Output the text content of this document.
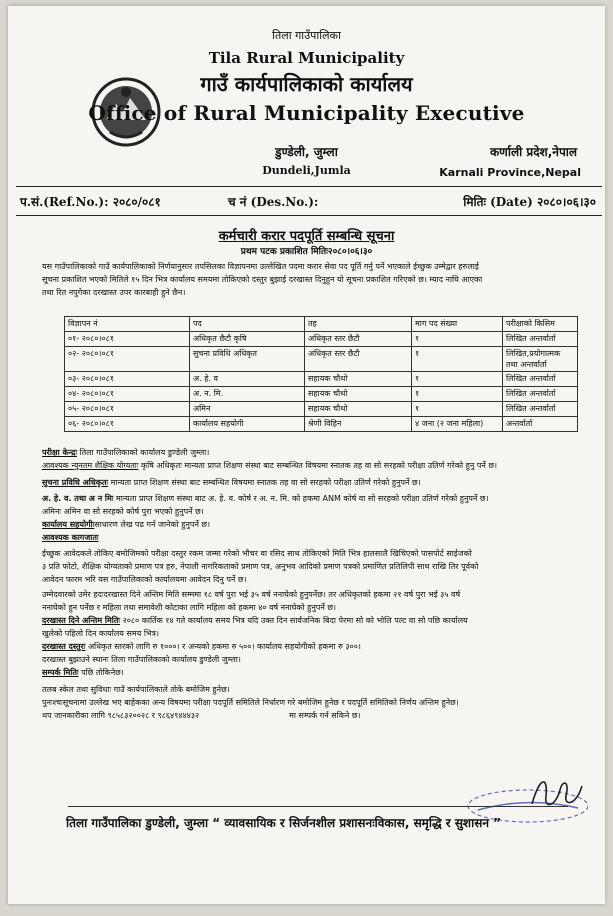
तिला गाउँपालिका
Tila Rural Municipality
गाउँ कार्यपालिकाको कार्यालय
Office of Rural Municipality Executive
डुण्डेली, जुम्ला
Dundeli,Jumla
कर्णाली प्रदेश,नेपाल
Karnali Province,Nepal
प.सं.(Ref.No.): २०८०/०८१	च नं (Des.No.):	मितिः (Date) २०८०।०६।३०
कर्मचारी करार पदपूर्ति सम्बन्धि सूचना
प्रथम पटक प्रकाशित मितिः२०८०।०६।३०
यस गाउँपालिकाको गाउँ कार्यपालिकाको निर्णयानुसार तपसिलका विज्ञापनमा उल्लेखित पदमा करार सेवा पद पूर्ति गर्नु पर्ने भएकाले ईच्छुक उम्मेद्वार हरुलाई
सूचना प्रकाशित भएको मितिले १५ दिन भित्र कार्यालय समयमा तोकिएको दस्तुर बुझाई दरखास्त दिनुहुन यो सूचना प्रकाशित गरिएको छ। म्याद नाघि आएका
तथा रित नपुगेका दरखास्त उपर कारबाही हुने छैन।
विज्ञापन नं	पद	तह	माग पद संख्या	परीक्षाको किसिम
०१- २०८०।०८१	अधिकृत छैटौ कृषि	अधिकृत स्तर छैटौ	१	लिखित अन्तर्वार्ता
०२- २०८०।०८१	सुचना प्रविधि अधिकृत	अधिकृत स्तर छैटौ	१	लिखित,प्रयोगात्मक तथा अन्तर्वार्ता
०३- २०८०।०८१	अ. हे. व	सहायक चौथो	१	लिखित अन्तर्वार्ता
०४- २०८०।०८१	अ. न. मि.	सहायक चौथो	१	लिखित अन्तर्वार्ता
०५- २०८०।०८१	अमिन	सहायक चौथो	१	लिखित अन्तर्वार्ता
०६- २०८०।०८१	कार्यालय सहयोगी	श्रेणी विहिन	४ जना (२ जना महिला)	अन्तर्वार्ता
परीक्षा केन्द्रः तिला गाउँपालिकाको कार्यालय डुण्डेली जुम्ला।
आवश्यक न्युनतम शैक्षिक योग्यताः कृषि अधिकृतः मान्यता प्राप्त शिक्षण संस्था बाट सम्बन्धित विषयमा स्नातक तह वा सो सरहको परीक्षा उतिर्ण गरेको हुनु पर्ने छ।
सुचना प्रविधि अधिकृतः मान्यता प्राप्त शिक्षण संस्था बाट सम्बन्धित विषयमा स्नातक तह वा सो सरहको परीक्षा उतिर्ण गरेको हुनुपर्ने छ।
अ. हे. व. तथा अ न मिः मान्यता प्राप्त शिक्षण संस्था बाट अ. हे. व. कोर्ष र अ. न. मि. को हकमा ANM कोर्ष वा सो सरहको परीक्षा उतिर्ण गरेको हुनुपर्ने छ।
अमिनः अमिन वा सो सरहको कोर्ष पुरा भएको हुनुपर्ने छ।
कार्यालय सहयोगीःसाधारण लेख पढ गर्न जानेको हुनुपर्ने छ।
आवश्यक कागजातः
ईच्छुक आवेदकले तोकिए बमोजिमको परीक्षा दस्तुर रकम जम्मा गरेको भौचर वा रसिद साथ तोकिएको मिति भित्र हालसालै खिचिएको पासपोर्ट साईजको
३ प्रति फोटो, शैक्षिक योग्यताको प्रमाण पत्र हरु, नेपाली नागरिकताको प्रमाण पत्र, अनुभव आदिको प्रमाण पत्रको प्रमाणित प्रतिलिपी साथ राखि तिर पूर्वको
आवेदन फारम भरि यस गाउँपालिकाको कार्यालयमा आवेदन दिनु पर्ने छ।
उम्मेदवारको उमेर हदःदरखास्त दिने अन्तिम मिति सम्ममा १८ वर्ष पुरा भई ३५ वर्ष ननाघेको हुनुपर्नेछ। तर अधिकृतको हकमा २१ वर्ष पुरा भई ३५ वर्ष
ननाघेको हुन पर्नेछ र महिला तथा समावेशी कोटाका लागि महिला को हकमा ४० वर्ष ननाघेको हुनुपर्ने छ।
दरखास्त दिने अन्तिम मितिः २०८० कार्तिक १४ गते कार्यालय समय भित्र यदि उक्त दिन सार्वजनिक बिदा पेरमा सो को भोलि पल्ट वा सो पछि कार्यालय
खुलेको पहिलो दिन कार्यालय समय भित्र।
दरखास्त दस्तुरः अधिकृत स्तरको लागि रु १०००। र अन्यको हकमा रु ५००। कार्यालय सहयोगीको हकमा रु ३००।
दरखास्त बुझाउने स्थानः तिला गाउँपालिकाको कार्यालय डुण्डेली जुम्ला।
सम्पर्क मितिः पछि तोकिनेछ।
तलब स्केल तथा सुविधाः गाउँ कार्यपालिकाले तोके बमोजिम हुनेछ।
पुनःश्चःसूचनामा उल्लेख भए बाहेकका अन्य विषयमा परीक्षा पदपूर्ति समितिले निर्धारण गरे बमोजिम हुनेछ र पदपूर्ति समितिको निर्णय अन्तिम हुनेछ।
थप जानकारीका लागि ९८५८३२००२८ र ९८६४९४४४३२	मा सम्पर्क गर्न सकिने छ।
तिला गाउँपालिका डुण्डेली, जुम्ला “ व्यावसायिक र सिर्जनशील प्रशासनःविकास, समृद्धि र सुशासन ”
